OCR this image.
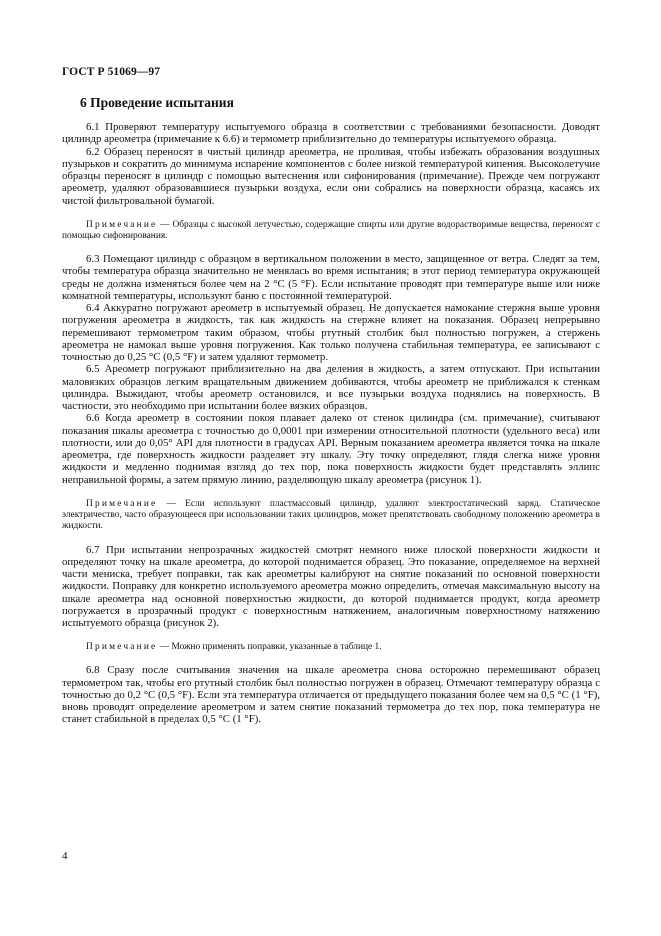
ГОСТ Р 51069—97
6 Проведение испытания

6.1 Проверяют температуру испытуемого образца в соответствии с требованиями безопасности. Доводят цилиндр ареометра (примечание к 6.6) и термометр приблизительно до температуры испытуемого образца.

6.2 Образец переносят в чистый цилиндр ареометра, не проливая, чтобы избежать образования воздушных пузырьков и сократить до минимума испарение компонентов с более низкой температурой кипения. Высоколетучие образцы переносят в цилиндр с помощью вытеснения или сифонирования (примечание). Прежде чем погружают ареометр, удаляют образовавшиеся пузырьки воздуха, если они собрались на поверхности образца, касаясь их чистой фильтровальной бумагой.

Примечание — Образцы с высокой летучестью, содержащие спирты или другие водорастворимые вещества, переносят с помощью сифонирования.

6.3 Помещают цилиндр с образцом в вертикальном положении в место, защищенное от ветра. Следят за тем, чтобы температура образца значительно не менялась во время испытания; в этот период температура окружающей среды не должна изменяться более чем на 2 °С (5 °F). Если испытание проводят при температуре выше или ниже комнатной температуры, используют баню с постоянной температурой.

6.4 Аккуратно погружают ареометр в испытуемый образец. Не допускается намокание стержня выше уровня погружения ареометра в жидкость, так как жидкость на стержне влияет на показания. Образец непрерывно перемешивают термометром таким образом, чтобы ртутный столбик был полностью погружен, а стержень ареометра не намокал выше уровня погружения. Как только получена стабильная температура, ее записывают с точностью до 0,25 °С (0,5 °F) и затем удаляют термометр.

6.5 Ареометр погружают приблизительно на два деления в жидкость, а затем отпускают. При испытании маловязких образцов легким вращательным движением добиваются, чтобы ареометр не приближался к стенкам цилиндра. Выжидают, чтобы ареометр остановился, и все пузырьки воздуха поднялись на поверхность. В частности, это необходимо при испытании более вязких образцов.

6.6 Когда ареометр в состоянии покоя плавает далеко от стенок цилиндра (см. примечание), считывают показания шкалы ареометра с точностью до 0,0001 при измерении относительной плотности (удельного веса) или плотности, или до 0,05° API для плотности в градусах API. Верным показанием ареометра является точка на шкале ареометра, где поверхность жидкости разделяет эту шкалу. Эту точку определяют, глядя слегка ниже уровня жидкости и медленно поднимая взгляд до тех пор, пока поверхность жидкости будет представлять эллипс неправильной формы, а затем прямую линию, разделяющую шкалу ареометра (рисунок 1).

Примечание — Если используют пластмассовый цилиндр, удаляют электростатический заряд. Статическое электричество, часто образующееся при использовании таких цилиндров, может препятствовать свободному положению ареометра в жидкости.

6.7 При испытании непрозрачных жидкостей смотрят немного ниже плоской поверхности жидкости и определяют точку на шкале ареометра, до которой поднимается образец. Это показание, определяемое на верхней части мениска, требует поправки, так как ареометры калибруют на снятие показаний по основной поверхности жидкости. Поправку для конкретно используемого ареометра можно определить, отмечая максимальную высоту на шкале ареометра над основной поверхностью жидкости, до которой поднимается продукт, когда ареометр погружается в прозрачный продукт с поверхностным натяжением, аналогичным поверхностному натяжению испытуемого образца (рисунок 2).

Примечание — Можно применять поправки, указанные в таблице 1.

6.8 Сразу после считывания значения на шкале ареометра снова осторожно перемешивают образец термометром так, чтобы его ртутный столбик был полностью погружен в образец. Отмечают температуру образца с точностью до 0,2 °С (0,5 °F). Если эта температура отличается от предыдущего показания более чем на 0,5 °С (1 °F), вновь проводят определение ареометром и затем снятие показаний термометра до тех пор, пока температура не станет стабильной в пределах 0,5 °С (1 °F).

4
